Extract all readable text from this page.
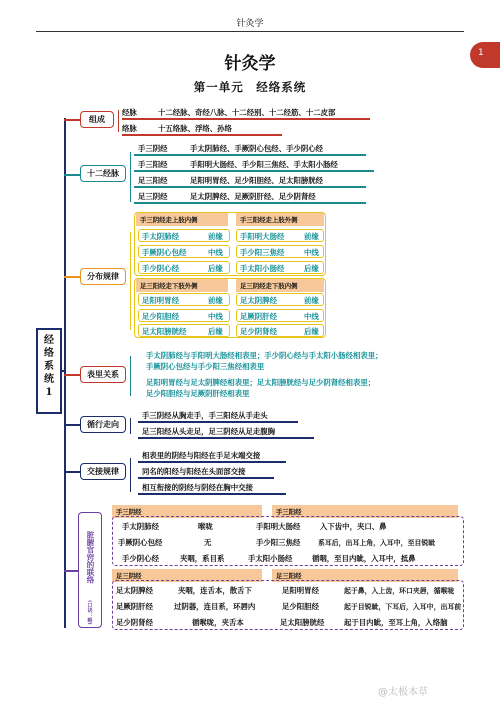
针灸学
1
针灸学
第一单元　经络系统
经
络
系
统
1
组成
经脉	十二经脉、奇经八脉、十二经别、十二经筋、十二皮部
络脉	十五络脉、浮络、孙络
十二经脉
手三阴经	手太阴肺经、手厥阴心包经、手少阴心经
手三阳经	手阳明大肠经、手少阳三焦经、手太阳小肠经
足三阳经	足阳明胃经、足少阳胆经、足太阳膀胱经
足三阴经	足太阴脾经、足厥阴肝经、足少阴肾经
分布规律
手三阴经走上肢内侧	手三阳经走上肢外侧
手太阴肺经	前缘 手阳明大肠经	前缘
手厥阴心包经	中线 手少阳三焦经	中线
手少阴心经	后缘 手太阳小肠经	后缘
足三阳经走下肢外侧	足三阴经走下肢内侧
足阳明胃经	前缘 足太阴脾经	前缘
足少阳胆经	中线 足厥阴肝经	中线
足太阳膀胱经	后缘 足少阴肾经	后缘
表里关系
手太阴肺经与手阳明大肠经相表里；手少阴心经与手太阳小肠经相表里；
手厥阴心包经与手少阳三焦经相表里
足阳明胃经与足太阴脾经相表里；足太阳膀胱经与足少阴肾经相表里；
足少阳胆经与足厥阴肝经相表里
循行走向
手三阴经从胸走手，手三阳经从手走头
足三阳经从头走足，足三阴经从足走腹胸
交接规律
相表里的阴经与阳经在手足末端交接
同名的阳经与阳经在头面部交接
相互衔接的阴经与阴经在胸中交接
脏腑官窍的联络
(口诀：略)
手三阴经	手三阳经
手太阴肺经	喉咙	手阳明大肠经	入下齿中，夹口、鼻
手厥阴心包经	无	手少阳三焦经	系耳后，出耳上角，入耳中，至目锐眦
手少阴心经	夹咽，系目系	手太阳小肠经	循咽，至目内眦，入耳中，抵鼻
足三阴经	足三阳经
足太阴脾经	夹咽，连舌本，散舌下	足阳明胃经	起于鼻，入上齿，环口夹唇，循喉咙
足厥阴肝经	过阴器，连目系，环唇内	足少阳胆经	起于目锐眦，下耳后，入耳中，出耳前
足少阴肾经	循喉咙，夹舌本	足太阳膀胱经	起于目内眦，至耳上角，入络脑
@太极本草
